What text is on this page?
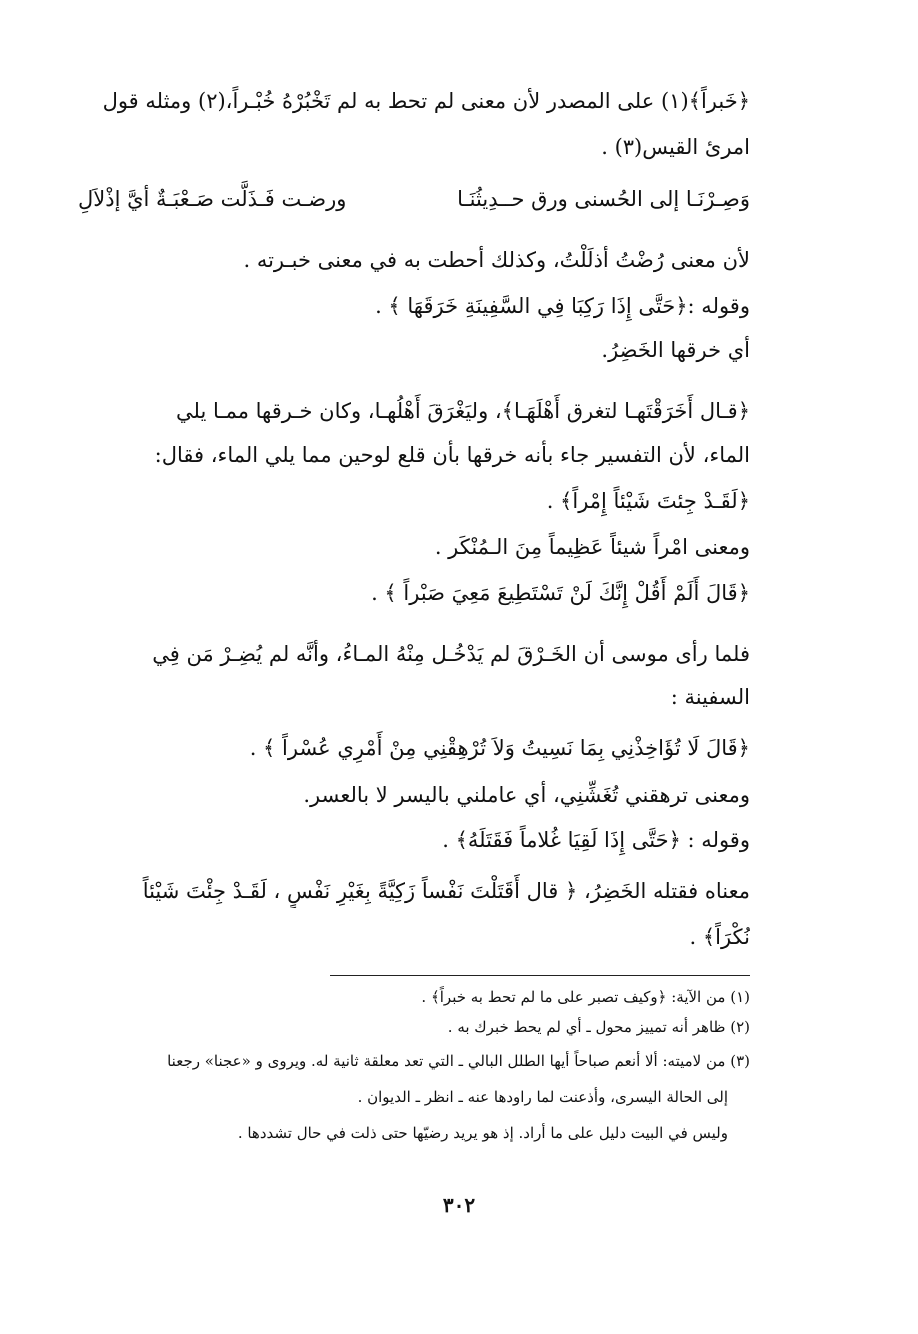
﴿خَبراً﴾(١) على المصدر لأن معنى لم تحط به لم تَخْبُرْهُ خُبْـراً،(٢) ومثله قول
امرئ القيس(٣) .
وَصِـرْنَـا إلى الحُسنى ورق حــدِيثُنَـا
ورضـت فَـذَلَّت صَـعْبَـةٌ أيَّ إذْلاَلِ
لأن معنى رُضْتُ أذلَلْتُ، وكذلك أحطت به في معنى خبـرته .
وقوله :﴿حَتَّى إِذَا رَكِبَا فِي السَّفِينَةِ خَرَقَهَا ﴾ .
أي خرقها الخَضِرُ.
﴿قـال أَخَرَقْتَهـا لتغرق أَهْلَهَـا﴾، وليَغْرَقَ أَهْلُهـا، وكان خـرقها ممـا يلي
الماء، لأن التفسير جاء بأنه خرقها بأن قلع لوحين مما يلي الماء، فقال:
﴿لَقَـدْ جِئتَ شَيْئاً إِمْراً﴾ .
ومعنى امْراً شيئاً عَظِيماً مِنَ الـمُنْكَر .
﴿قَالَ أَلَمْ أَقُلْ إِنَّكَ لَنْ تَسْتَطِيعَ مَعِيَ صَبْراً ﴾ .
فلما رأى موسى أن الخَـرْقَ لم يَدْخُـل مِنْهُ المـاءُ، وأنَّه لم يُضِـرْ مَن فِي
السفينة :
﴿قَالَ لَا تُؤَاخِذْنِي بِمَا نَسِيتُ وَلاَ تُرْهِقْنِي مِنْ أَمْرِي عُسْراً ﴾ .
ومعنى ترهقني تُغَشِّنِي، أي عاملني باليسر لا بالعسر.
وقوله : ﴿حَتَّى إِذَا لَقِيَا غُلاماً فَقَتَلَهُ﴾ .
معناه فقتله الخَضِرُ، ﴿ قال أَقَتَلْتَ نَفْساً زَكِيَّةً بِغَيْرِ نَفْسٍ ، لَقَـدْ جِئْتَ شَيْئاً
نُكْرَاً﴾ .
(١) من الآية: ﴿وكيف تصبر على ما لم تحط به خبراً﴾ .
(٢) ظاهر أنه تمييز محول ـ أي لم يحط خبرك به .
(٣) من لاميته: ألا أنعم صباحاً أيها الطلل البالي ـ التي تعد معلقة ثانية له. ويروى و «عجنا» رجعنا
إلى الحالة اليسرى، وأذعنت لما راودها عنه ـ انظر ـ الديوان .
وليس في البيت دليل على ما أراد. إذ هو يريد رضيّها حتى ذلت في حال تشددها .
٣٠٢
